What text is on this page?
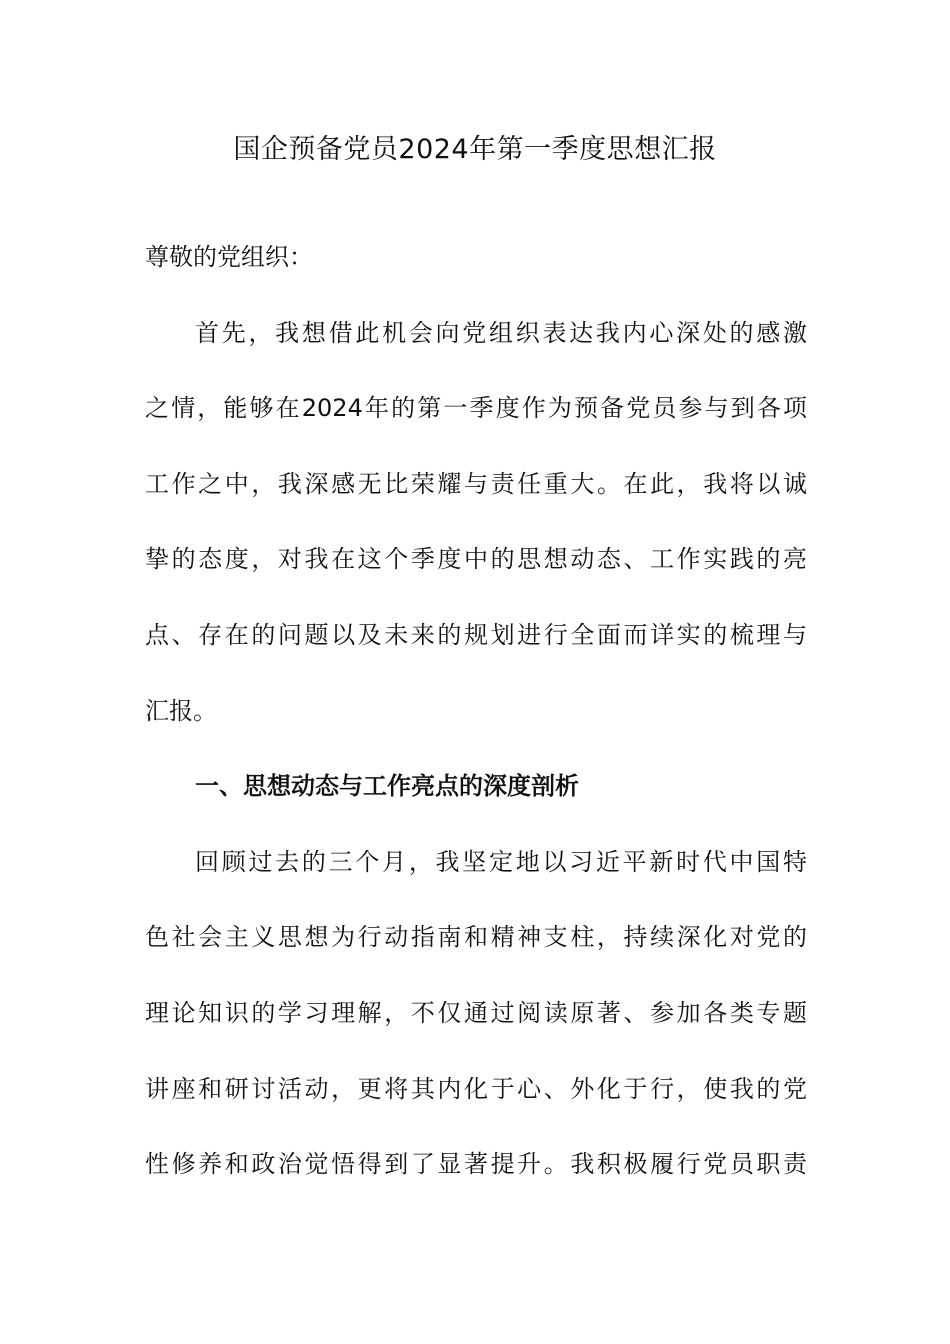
国企预备党员2024年第一季度思想汇报
尊敬的党组织：
首先，我想借此机会向党组织表达我内心深处的感激
之情，能够在2024年的第一季度作为预备党员参与到各项
工作之中，我深感无比荣耀与责任重大。在此，我将以诚
挚的态度，对我在这个季度中的思想动态、工作实践的亮
点、存在的问题以及未来的规划进行全面而详实的梳理与
汇报。
一、思想动态与工作亮点的深度剖析
回顾过去的三个月，我坚定地以习近平新时代中国特
色社会主义思想为行动指南和精神支柱，持续深化对党的
理论知识的学习理解，不仅通过阅读原著、参加各类专题
讲座和研讨活动，更将其内化于心、外化于行，使我的党
性修养和政治觉悟得到了显著提升。我积极履行党员职责
